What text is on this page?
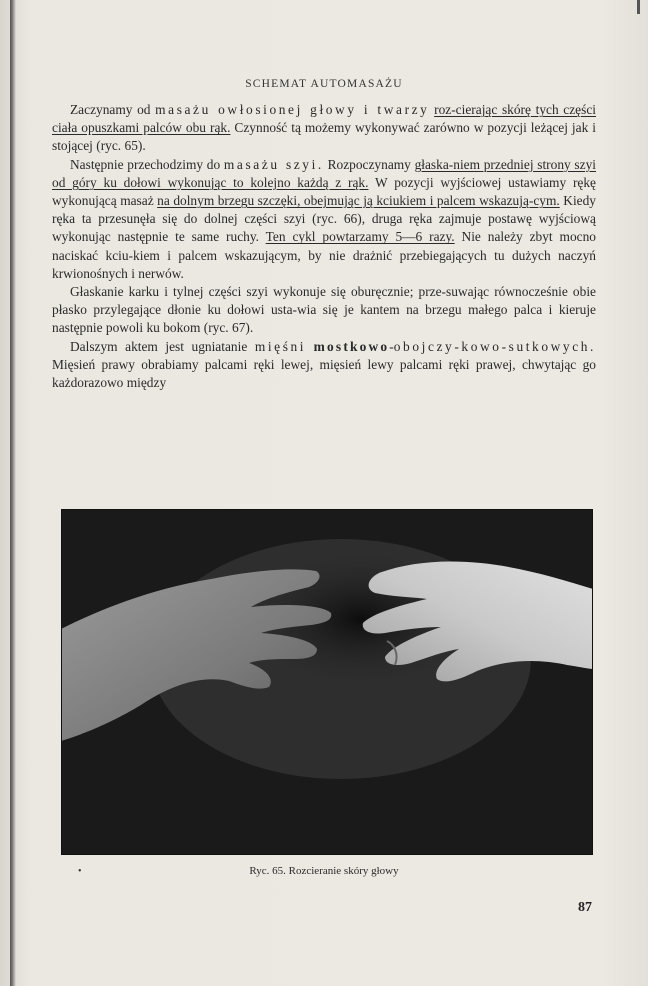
SCHEMAT AUTOMASAŻU

Zaczynamy od masażu owłosionej głowy i twarzy roz-cierając skórę tych części ciała opuszkami palców obu rąk. Czynność tą możemy wykonywać zarówno w pozycji leżącej jak i stojącej (ryc. 65).

Następnie przechodzimy do masażu szyi. Rozpoczynamy głaska-niem przedniej strony szyi od góry ku dołowi wykonując to kolejno każdą z rąk. W pozycji wyjściowej ustawiamy rękę wykonującą masaż na dolnym brzegu szczęki, obejmując ją kciukiem i palcem wskazują-cym. Kiedy ręka ta przesunęła się do dolnej części szyi (ryc. 66), druga ręka zajmuje postawę wyjściową wykonując następnie te same ruchy. Ten cykl powtarzamy 5—6 razy. Nie należy zbyt mocno naciskać kciu-kiem i palcem wskazującym, by nie drażnić przebiegających tu dużych naczyń krwionośnych i nerwów.

Głaskanie karku i tylnej części szyi wykonuje się oburęcznie; prze-suwając równocześnie obie płasko przylegające dłonie ku dołowi usta-wia się je kantem na brzegu małego palca i kieruje następnie powoli ku bokom (ryc. 67).

Dalszym aktem jest ugniatanie mięśni mostkowo-obojczy-kowo-sutkowych. Mięsień prawy obrabiamy palcami ręki lewej, mięsień lewy palcami ręki prawej, chwytając go każdorazowo między

•	Ryc. 65. Rozcieranie skóry głowy
87
